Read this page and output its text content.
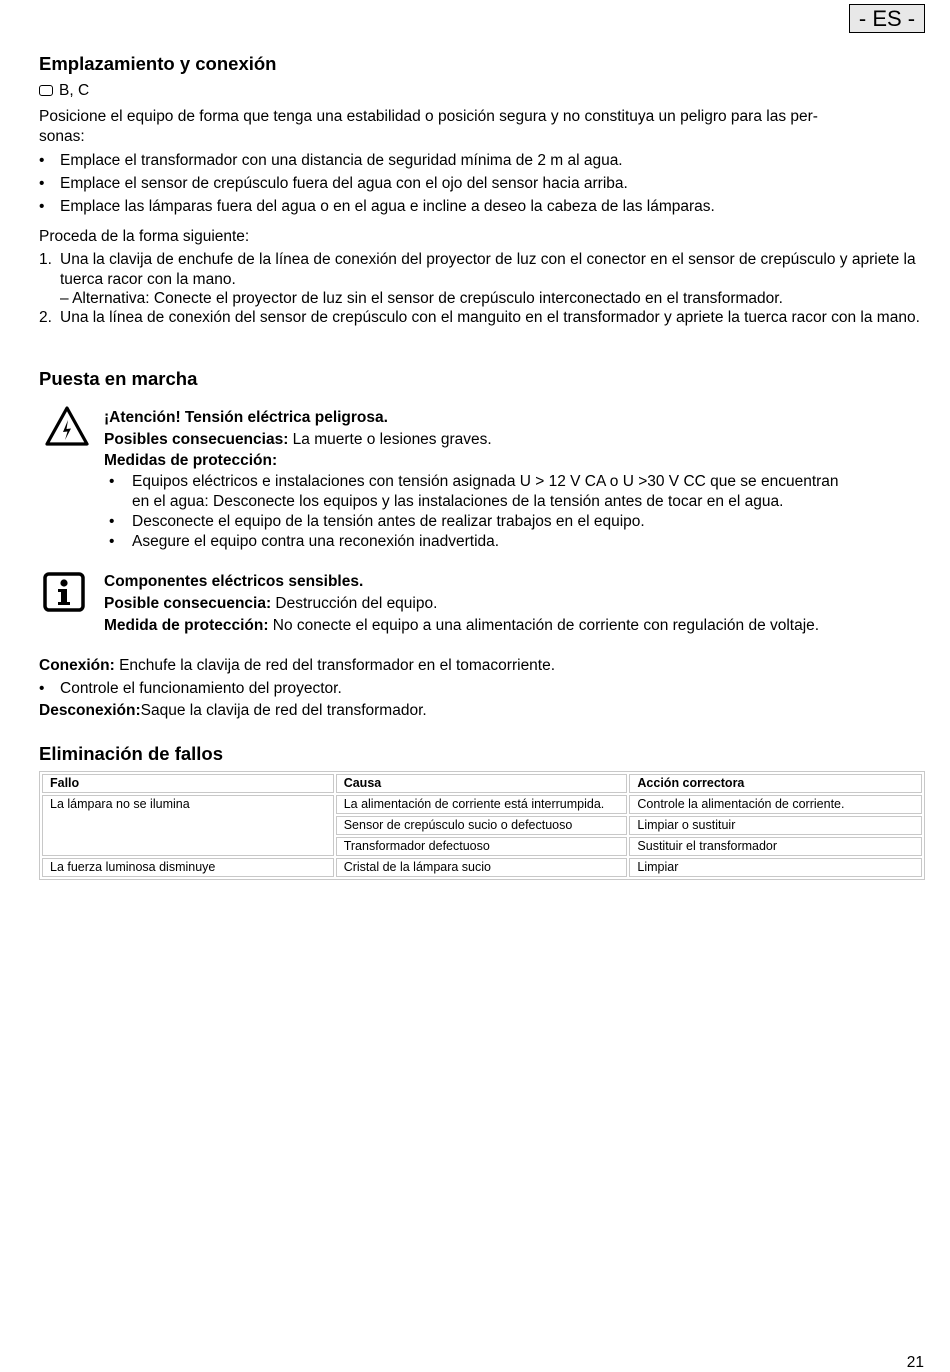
- ES -
Emplazamiento y conexión
B, C
Posicione el equipo de forma que tenga una estabilidad o posición segura y no constituya un peligro para las per-
sonas:
• Emplace el transformador con una distancia de seguridad mínima de 2 m al agua.
• Emplace el sensor de crepúsculo fuera del agua con el ojo del sensor hacia arriba.
• Emplace las lámparas fuera del agua o en el agua e incline a deseo la cabeza de las lámparas.
Proceda de la forma siguiente:
1. Una la clavija de enchufe de la línea de conexión del proyector de luz con el conector en el sensor de crepúsculo y apriete la tuerca racor con la mano.
– Alternativa: Conecte el proyector de luz sin el sensor de crepúsculo interconectado en el transformador.
2. Una la línea de conexión del sensor de crepúsculo con el manguito en el transformador y apriete la tuerca racor con la mano.
Puesta en marcha
¡Atención! Tensión eléctrica peligrosa.
Posibles consecuencias: La muerte o lesiones graves.
Medidas de protección:
• Equipos eléctricos e instalaciones con tensión asignada U > 12 V CA o U >30 V CC que se encuentran
en el agua: Desconecte los equipos y las instalaciones de la tensión antes de tocar en el agua.
• Desconecte el equipo de la tensión antes de realizar trabajos en el equipo.
• Asegure el equipo contra una reconexión inadvertida.
Componentes eléctricos sensibles.
Posible consecuencia: Destrucción del equipo.
Medida de protección: No conecte el equipo a una alimentación de corriente con regulación de voltaje.
Conexión: Enchufe la clavija de red del transformador en el tomacorriente.
• Controle el funcionamiento del proyector.
Desconexión:Saque la clavija de red del transformador.
Eliminación de fallos
Fallo	Causa	Acción correctora
La lámpara no se ilumina	La alimentación de corriente está interrumpida.	Controle la alimentación de corriente.
	Sensor de crepúsculo sucio o defectuoso	Limpiar o sustituir
	Transformador defectuoso	Sustituir el transformador
La fuerza luminosa disminuye	Cristal de la lámpara sucio	Limpiar
21
